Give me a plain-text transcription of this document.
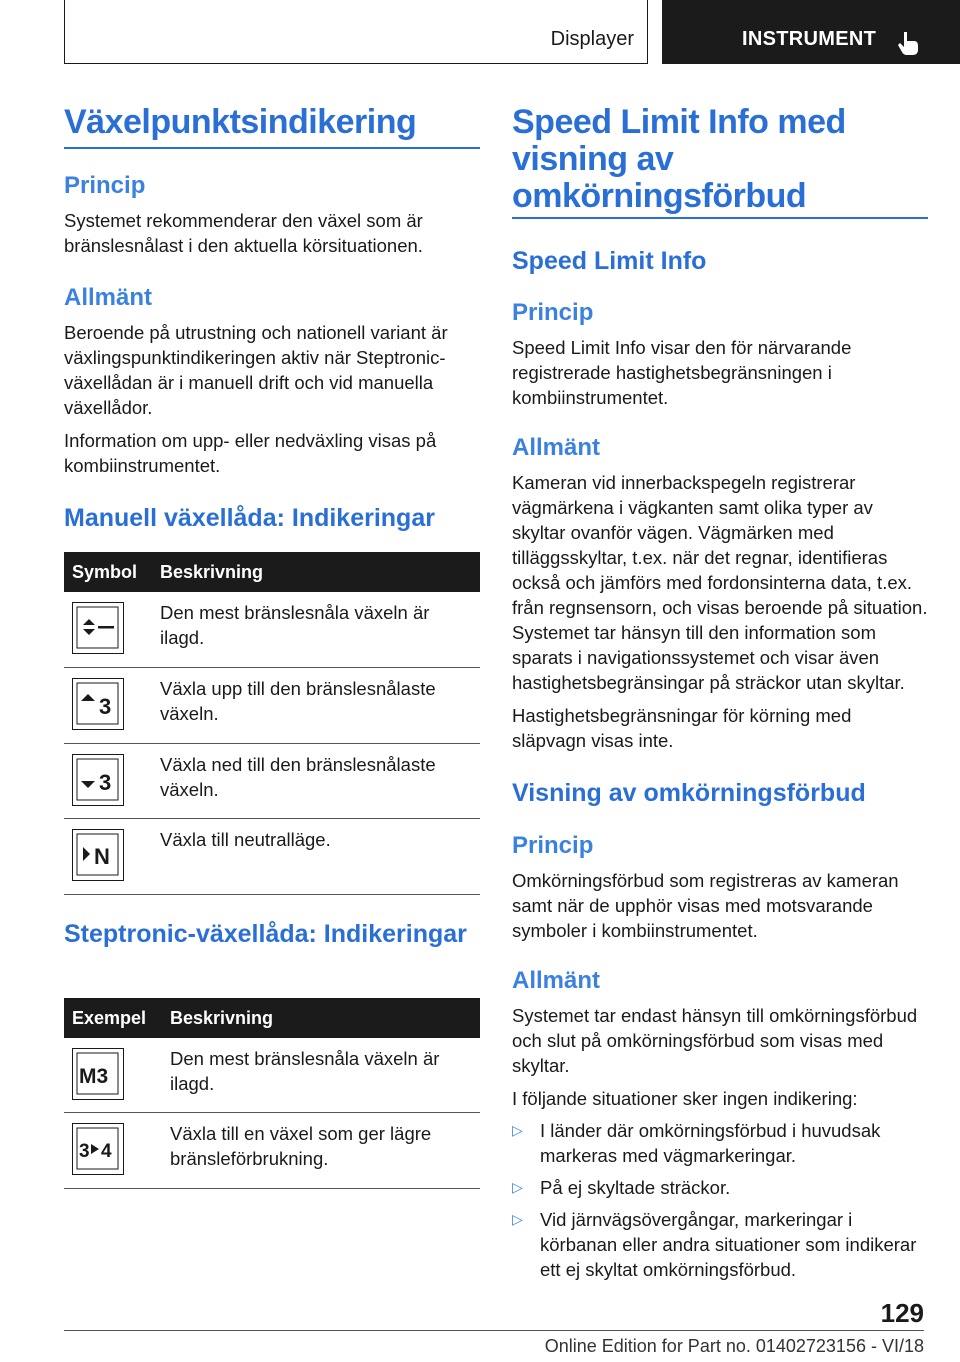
Displayer	INSTRUMENT
Växelpunktsindikering
Princip
Systemet rekommenderar den växel som är bränslesnålast i den aktuella körsituationen.
Allmänt
Beroende på utrustning och nationell variant är växlingspunktindikeringen aktiv när Steptronic-växellådan är i manuell drift och vid manuella växellådor.
Information om upp- eller nedväxling visas på kombiinstrumentet.
Manuell växellåda: Indikeringar
Symbol Beskrivning
Den mest bränslesnåla växeln är ilagd.
3
Växla upp till den bränslesnålaste växeln.
3
Växla ned till den bränslesnålaste växeln.
N
Växla till neutralläge.
Steptronic-växellåda: Indikeringar
Exempel Beskrivning
M3
Den mest bränslesnåla växeln är ilagd.
3 4
Växla till en växel som ger lägre bränsleförbrukning.
Speed Limit Info med visning av omkörningsförbud
Speed Limit Info
Princip
Speed Limit Info visar den för närvarande registrerade hastighetsbegränsningen i kombiinstrumentet.
Allmänt
Kameran vid innerbackspegeln registrerar vägmärkena i vägkanten samt olika typer av skyltar ovanför vägen. Vägmärken med tilläggsskyltar, t.ex. när det regnar, identifieras också och jämförs med fordonsinterna data, t.ex. från regnsensorn, och visas beroende på situation. Systemet tar hänsyn till den information som sparats i navigationssystemet och visar även hastighetsbegränsingar på sträckor utan skyltar.
Hastighetsbegränsningar för körning med släpvagn visas inte.
Visning av omkörningsförbud
Princip
Omkörningsförbud som registreras av kameran samt när de upphör visas med motsvarande symboler i kombiinstrumentet.
Allmänt
Systemet tar endast hänsyn till omkörningsförbud och slut på omkörningsförbud som visas med skyltar.
I följande situationer sker ingen indikering:
▷ I länder där omkörningsförbud i huvudsak markeras med vägmarkeringar.
▷ På ej skyltade sträckor.
▷ Vid järnvägsövergångar, markeringar i körbanan eller andra situationer som indikerar ett ej skyltat omkörningsförbud.
129
Online Edition for Part no. 01402723156 - VI/18
